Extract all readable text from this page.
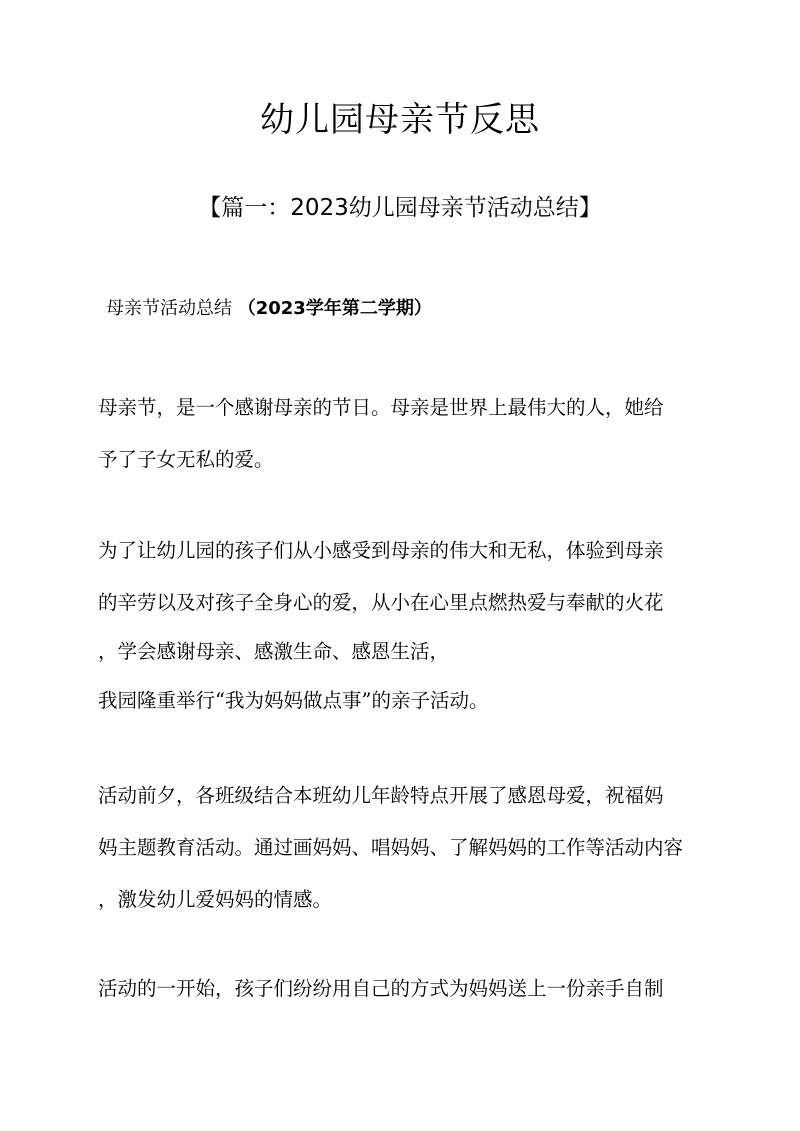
幼儿园母亲节反思
【篇一：2023幼儿园母亲节活动总结】
母亲节活动总结 （2023学年第二学期）
母亲节，是一个感谢母亲的节日。母亲是世界上最伟大的人，她给
予了子女无私的爱。
为了让幼儿园的孩子们从小感受到母亲的伟大和无私，体验到母亲
的辛劳以及对孩子全身心的爱，从小在心里点燃热爱与奉献的火花
，学会感谢母亲、感激生命、感恩生活，
我园隆重举行“我为妈妈做点事”的亲子活动。
活动前夕，各班级结合本班幼儿年龄特点开展了感恩母爱，祝福妈
妈主题教育活动。通过画妈妈、唱妈妈、了解妈妈的工作等活动内容
，激发幼儿爱妈妈的情感。
活动的一开始，孩子们纷纷用自己的方式为妈妈送上一份亲手自制
